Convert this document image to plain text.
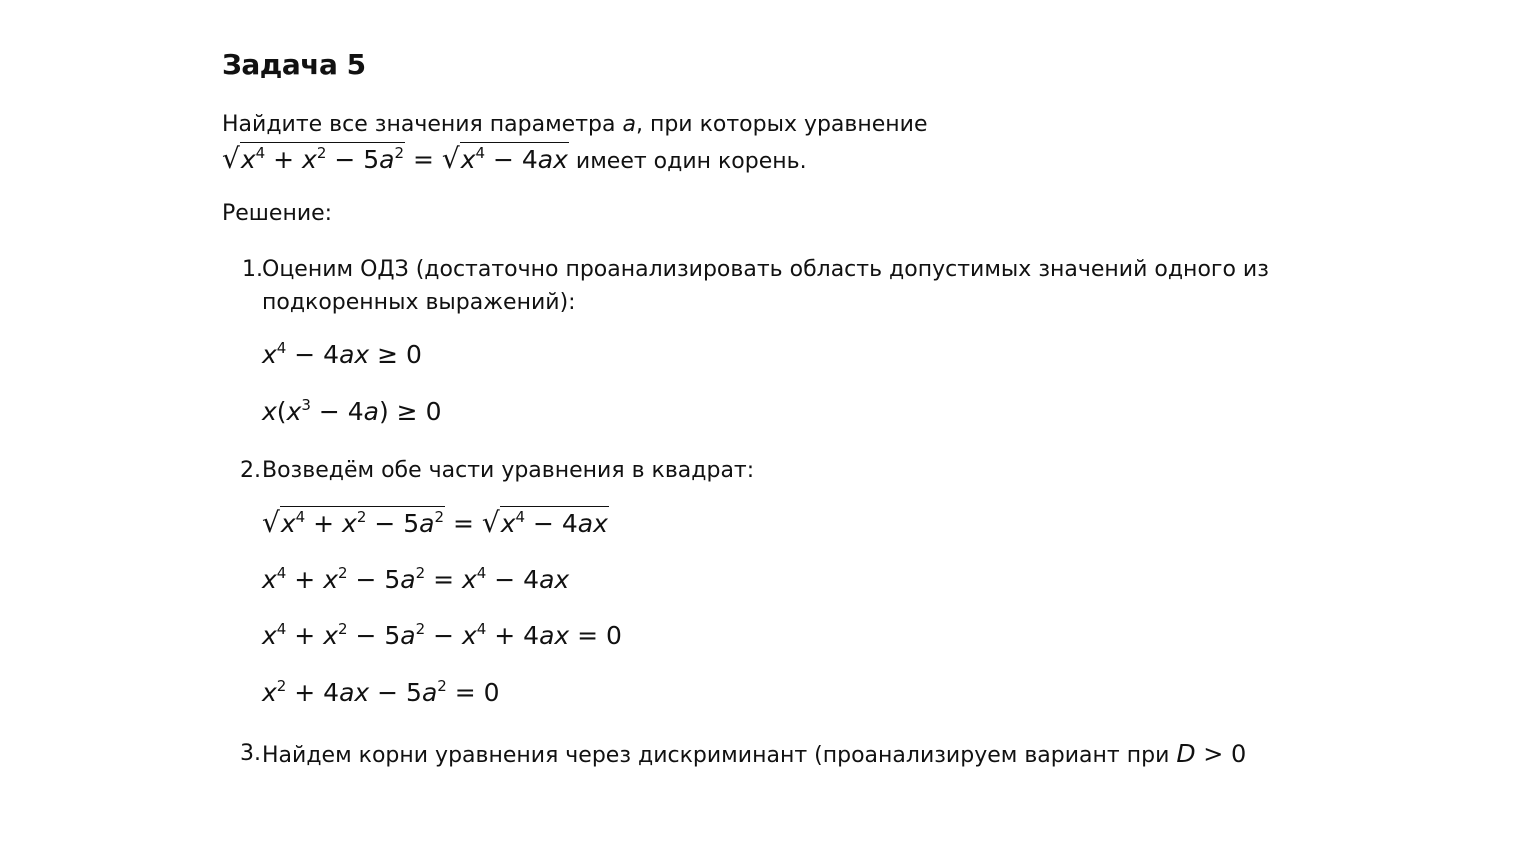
Задача 5
Найдите все значения параметра a, при которых уравнение
$√x^4 + x^2 - 5a^2 = √x^4 - 4ax$ имеет один корень.
Решение:
1. Оценим ОДЗ (достаточно проанализировать область допустимых значений одного из
подкоренных выражений):
$x^4 - 4ax \ge 0$
$x(x^3 - 4a) \ge 0$
2. Возведём обе части уравнения в квадрат:
$√x^4 + x^2 - 5a^2 = √x^4 - 4ax$
$x^4 + x^2 - 5a^2 = x^4 - 4ax$
$x^4 + x^2 - 5a^2 - x^4 + 4ax = 0$
$x^2 + 4ax - 5a^2 = 0$
3. Найдем корни уравнения через дискриминант (проанализируем вариант при D > 0
